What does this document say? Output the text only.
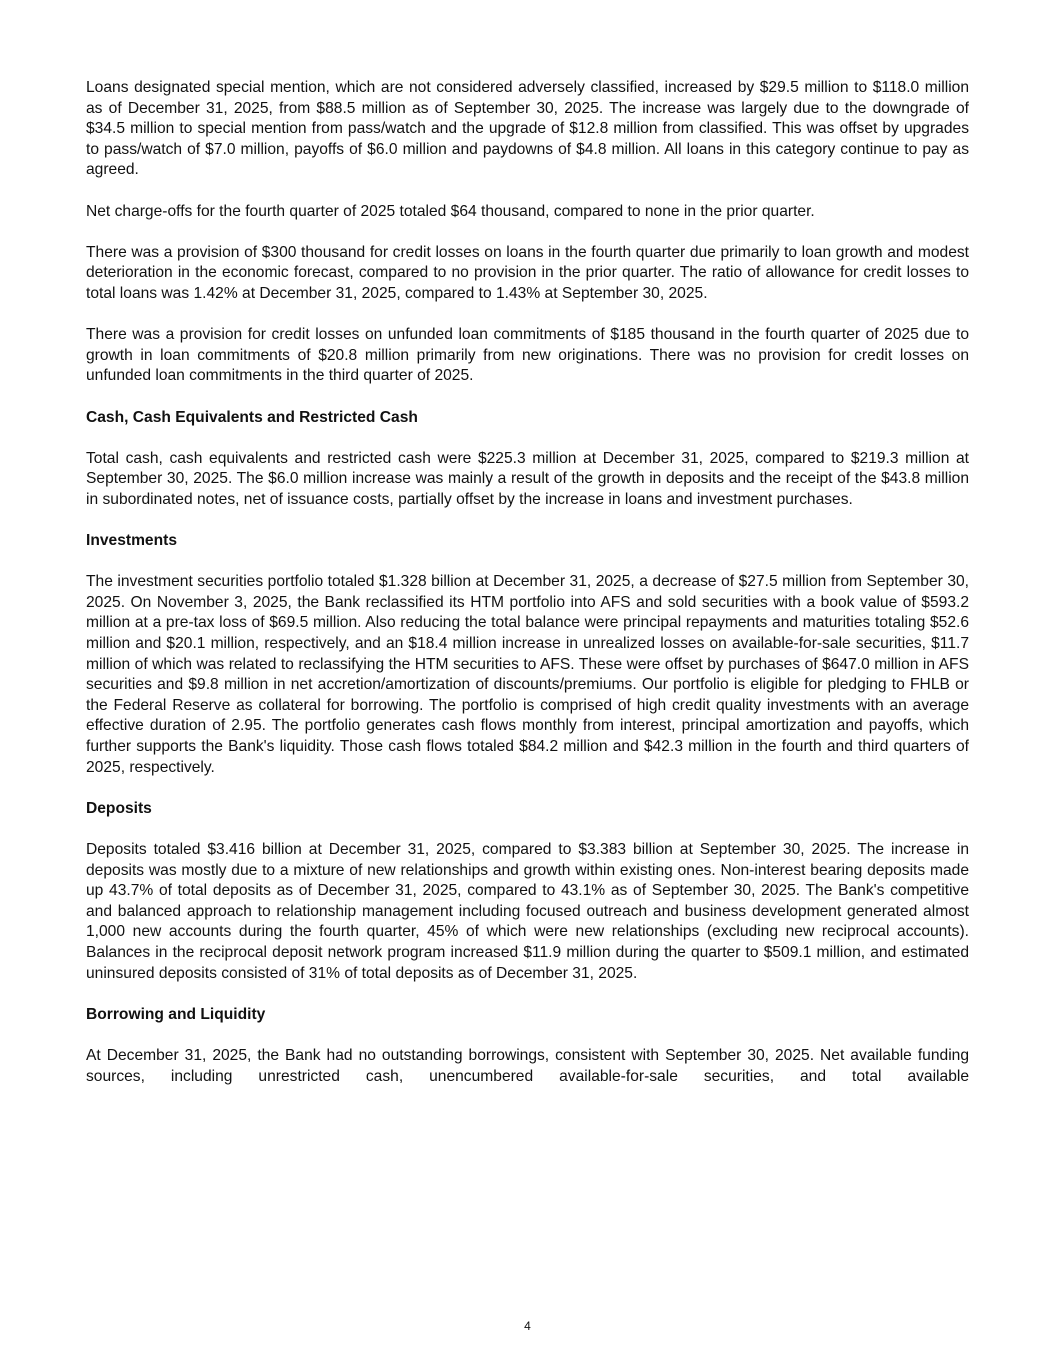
Loans designated special mention, which are not considered adversely classified, increased by $29.5 million to $118.0 million as of December 31, 2025, from $88.5 million as of September 30, 2025. The increase was largely due to the downgrade of $34.5 million to special mention from pass/watch and the upgrade of $12.8 million from classified. This was offset by upgrades to pass/watch of $7.0 million, payoffs of $6.0 million and paydowns of $4.8 million. All loans in this category continue to pay as agreed.

Net charge-offs for the fourth quarter of 2025 totaled $64 thousand, compared to none in the prior quarter.

There was a provision of $300 thousand for credit losses on loans in the fourth quarter due primarily to loan growth and modest deterioration in the economic forecast, compared to no provision in the prior quarter. The ratio of allowance for credit losses to total loans was 1.42% at December 31, 2025, compared to 1.43% at September 30, 2025.

There was a provision for credit losses on unfunded loan commitments of $185 thousand in the fourth quarter of 2025 due to growth in loan commitments of $20.8 million primarily from new originations. There was no provision for credit losses on unfunded loan commitments in the third quarter of 2025.

Cash, Cash Equivalents and Restricted Cash

Total cash, cash equivalents and restricted cash were $225.3 million at December 31, 2025, compared to $219.3 million at September 30, 2025. The $6.0 million increase was mainly a result of the growth in deposits and the receipt of the $43.8 million in subordinated notes, net of issuance costs, partially offset by the increase in loans and investment purchases.

Investments

The investment securities portfolio totaled $1.328 billion at December 31, 2025, a decrease of $27.5 million from September 30, 2025. On November 3, 2025, the Bank reclassified its HTM portfolio into AFS and sold securities with a book value of $593.2 million at a pre-tax loss of $69.5 million. Also reducing the total balance were principal repayments and maturities totaling $52.6 million and $20.1 million, respectively, and an $18.4 million increase in unrealized losses on available-for-sale securities, $11.7 million of which was related to reclassifying the HTM securities to AFS. These were offset by purchases of $647.0 million in AFS securities and $9.8 million in net accretion/amortization of discounts/premiums. Our portfolio is eligible for pledging to FHLB or the Federal Reserve as collateral for borrowing. The portfolio is comprised of high credit quality investments with an average effective duration of 2.95. The portfolio generates cash flows monthly from interest, principal amortization and payoffs, which further supports the Bank's liquidity. Those cash flows totaled $84.2 million and $42.3 million in the fourth and third quarters of 2025, respectively.

Deposits

Deposits totaled $3.416 billion at December 31, 2025, compared to $3.383 billion at September 30, 2025. The increase in deposits was mostly due to a mixture of new relationships and growth within existing ones. Non-interest bearing deposits made up 43.7% of total deposits as of December 31, 2025, compared to 43.1% as of September 30, 2025. The Bank's competitive and balanced approach to relationship management including focused outreach and business development generated almost 1,000 new accounts during the fourth quarter, 45% of which were new relationships (excluding new reciprocal accounts). Balances in the reciprocal deposit network program increased $11.9 million during the quarter to $509.1 million, and estimated uninsured deposits consisted of 31% of total deposits as of December 31, 2025.

Borrowing and Liquidity

At December 31, 2025, the Bank had no outstanding borrowings, consistent with September 30, 2025. Net available funding sources, including unrestricted cash, unencumbered available-for-sale securities, and total available

4
